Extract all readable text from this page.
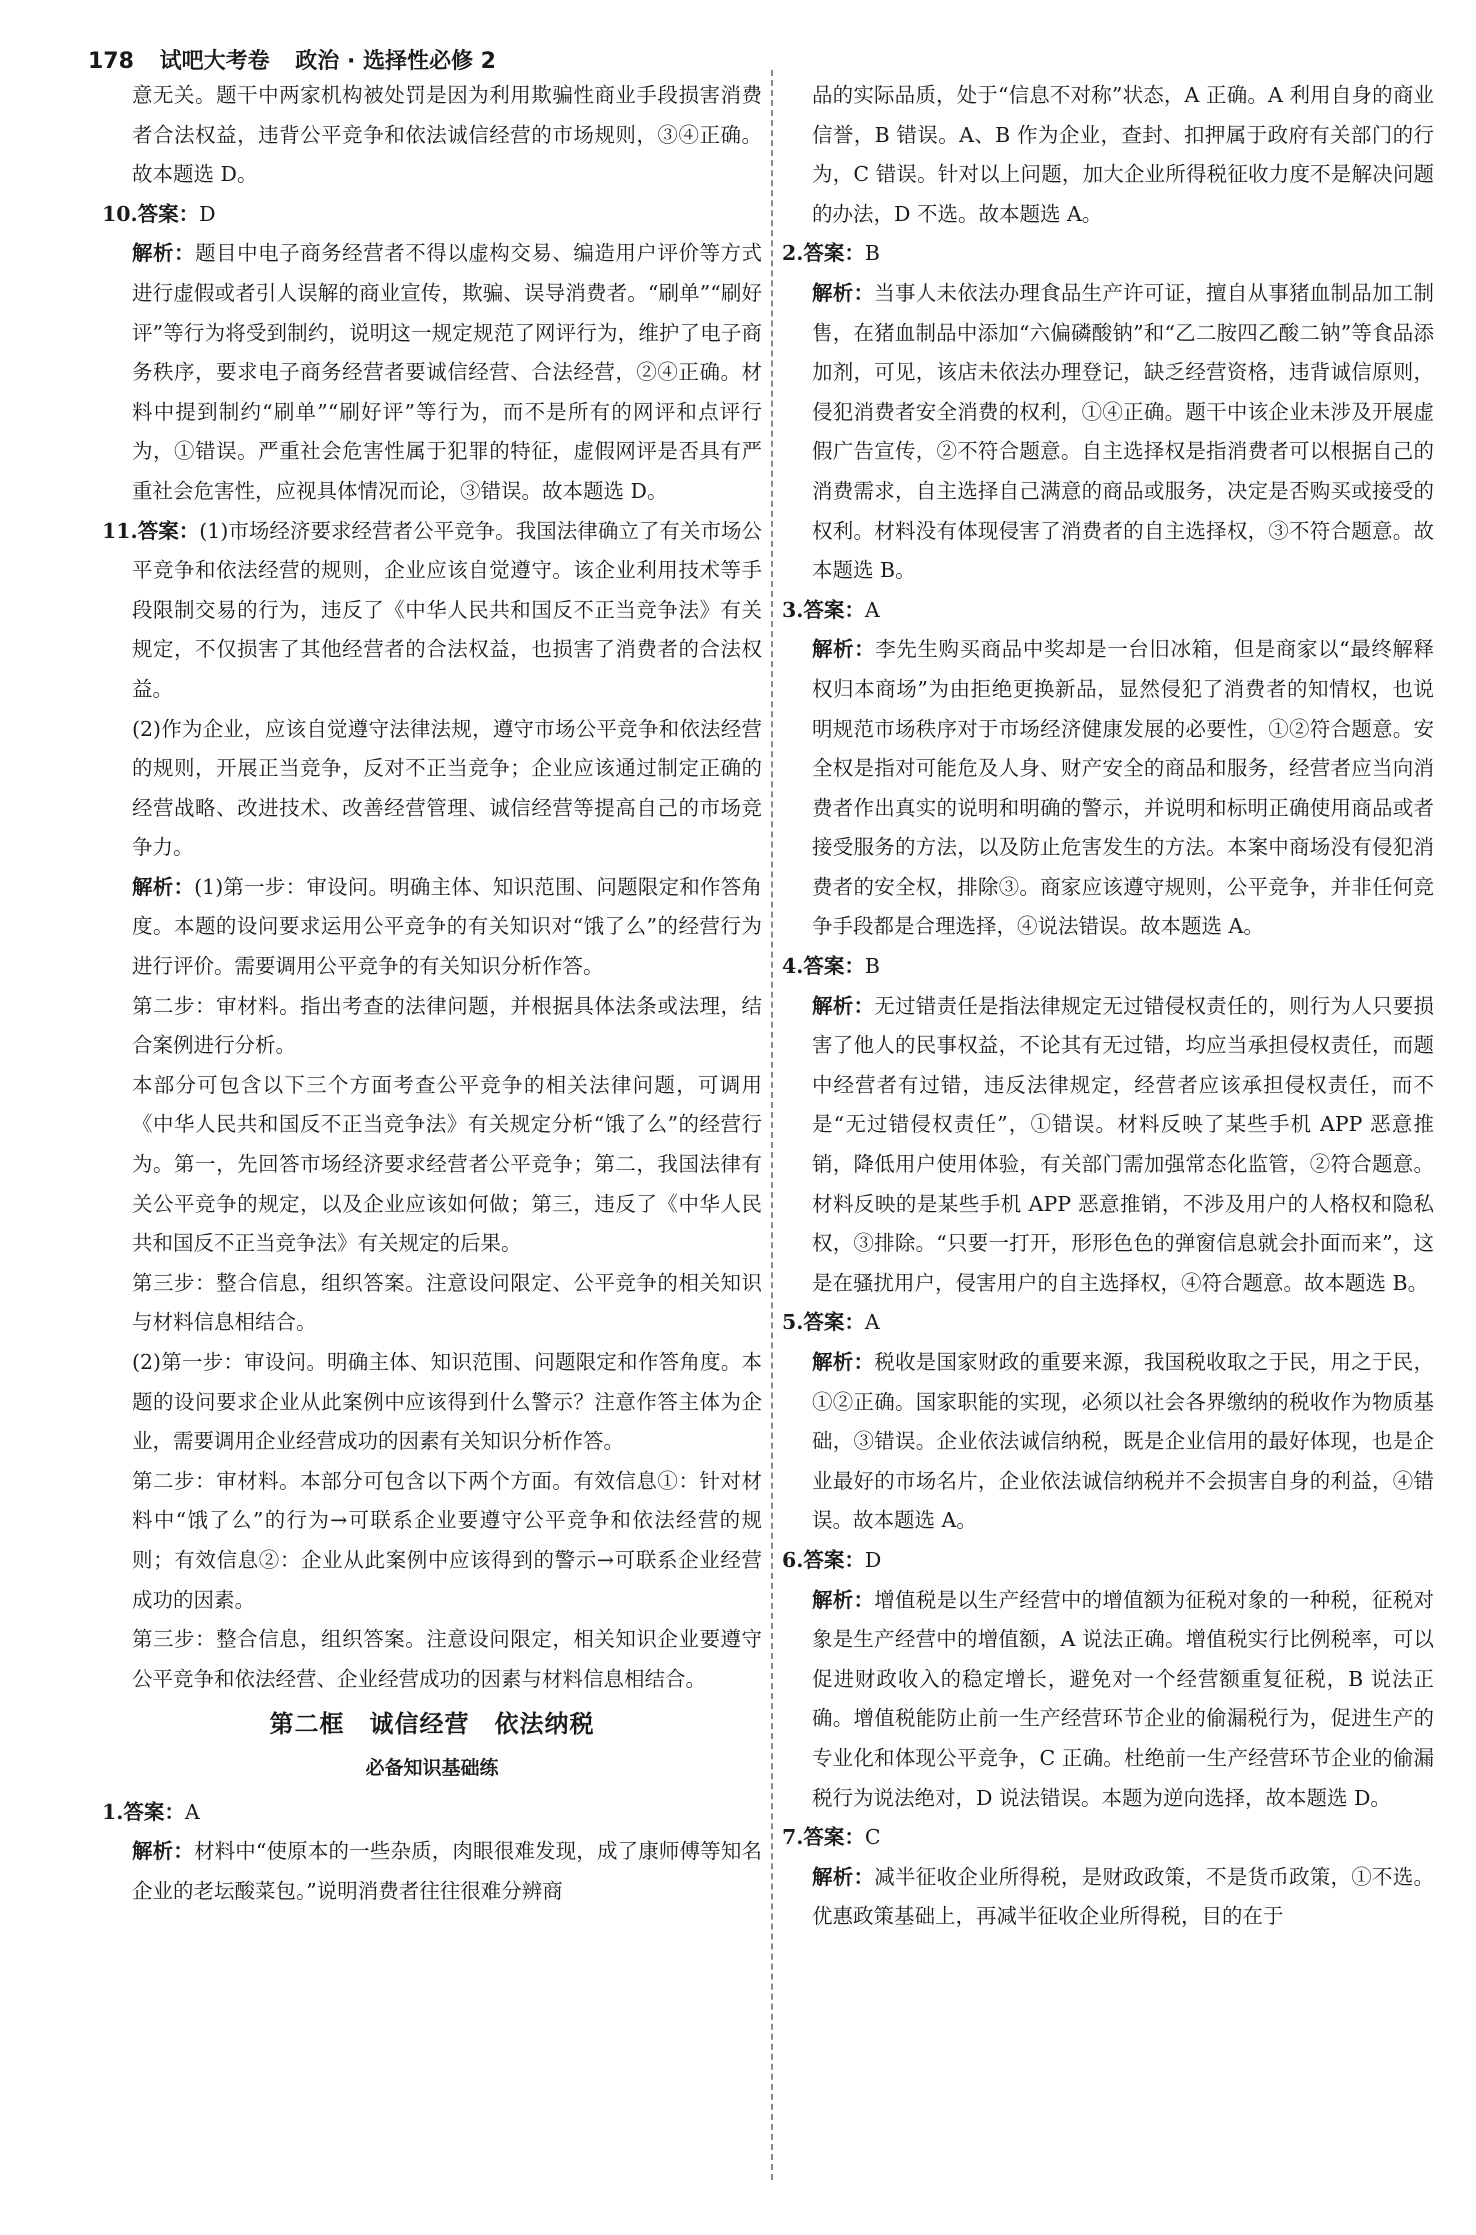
178 试吧大考卷 政治 · 选择性必修 2

意无关。题干中两家机构被处罚是因为利用欺骗性商业手段损害消费者合法权益，违背公平竞争和依法诚信经营的市场规则，③④正确。故本题选 D。

10.答案：D

解析：题目中电子商务经营者不得以虚构交易、编造用户评价等方式进行虚假或者引人误解的商业宣传，欺骗、误导消费者。“刷单”“刷好评”等行为将受到制约，说明这一规定规范了网评行为，维护了电子商务秩序，要求电子商务经营者要诚信经营、合法经营，②④正确。材料中提到制约“刷单”“刷好评”等行为，而不是所有的网评和点评行为，①错误。严重社会危害性属于犯罪的特征，虚假网评是否具有严重社会危害性，应视具体情况而论，③错误。故本题选 D。

11.答案：(1)市场经济要求经营者公平竞争。我国法律确立了有关市场公平竞争和依法经营的规则，企业应该自觉遵守。该企业利用技术等手段限制交易的行为，违反了《中华人民共和国反不正当竞争法》有关规定，不仅损害了其他经营者的合法权益，也损害了消费者的合法权益。

(2)作为企业，应该自觉遵守法律法规，遵守市场公平竞争和依法经营的规则，开展正当竞争，反对不正当竞争；企业应该通过制定正确的经营战略、改进技术、改善经营管理、诚信经营等提高自己的市场竞争力。

解析：(1)第一步：审设问。明确主体、知识范围、问题限定和作答角度。本题的设问要求运用公平竞争的有关知识对“饿了么”的经营行为进行评价。需要调用公平竞争的有关知识分析作答。

第二步：审材料。指出考查的法律问题，并根据具体法条或法理，结合案例进行分析。

本部分可包含以下三个方面考查公平竞争的相关法律问题，可调用《中华人民共和国反不正当竞争法》有关规定分析“饿了么”的经营行为。第一，先回答市场经济要求经营者公平竞争；第二，我国法律有关公平竞争的规定，以及企业应该如何做；第三，违反了《中华人民共和国反不正当竞争法》有关规定的后果。

第三步：整合信息，组织答案。注意设问限定、公平竞争的相关知识与材料信息相结合。

(2)第一步：审设问。明确主体、知识范围、问题限定和作答角度。本题的设问要求企业从此案例中应该得到什么警示？注意作答主体为企业，需要调用企业经营成功的因素有关知识分析作答。

第二步：审材料。本部分可包含以下两个方面。有效信息①：针对材料中“饿了么”的行为→可联系企业要遵守公平竞争和依法经营的规则；有效信息②：企业从此案例中应该得到的警示→可联系企业经营成功的因素。

第三步：整合信息，组织答案。注意设问限定，相关知识企业要遵守公平竞争和依法经营、企业经营成功的因素与材料信息相结合。

第二框　诚信经营　依法纳税
必备知识基础练

1.答案：A

解析：材料中“使原本的一些杂质，肉眼很难发现，成了康师傅等知名企业的老坛酸菜包。”说明消费者往往很难分辨商

品的实际品质，处于“信息不对称”状态，A 正确。A 利用自身的商业信誉，B 错误。A、B 作为企业，查封、扣押属于政府有关部门的行为，C 错误。针对以上问题，加大企业所得税征收力度不是解决问题的办法，D 不选。故本题选 A。

2.答案：B

解析：当事人未依法办理食品生产许可证，擅自从事猪血制品加工制售，在猪血制品中添加“六偏磷酸钠”和“乙二胺四乙酸二钠”等食品添加剂，可见，该店未依法办理登记，缺乏经营资格，违背诚信原则，侵犯消费者安全消费的权利，①④正确。题干中该企业未涉及开展虚假广告宣传，②不符合题意。自主选择权是指消费者可以根据自己的消费需求，自主选择自己满意的商品或服务，决定是否购买或接受的权利。材料没有体现侵害了消费者的自主选择权，③不符合题意。故本题选 B。

3.答案：A

解析：李先生购买商品中奖却是一台旧冰箱，但是商家以“最终解释权归本商场”为由拒绝更换新品，显然侵犯了消费者的知情权，也说明规范市场秩序对于市场经济健康发展的必要性，①②符合题意。安全权是指对可能危及人身、财产安全的商品和服务，经营者应当向消费者作出真实的说明和明确的警示，并说明和标明正确使用商品或者接受服务的方法，以及防止危害发生的方法。本案中商场没有侵犯消费者的安全权，排除③。商家应该遵守规则，公平竞争，并非任何竞争手段都是合理选择，④说法错误。故本题选 A。

4.答案：B

解析：无过错责任是指法律规定无过错侵权责任的，则行为人只要损害了他人的民事权益，不论其有无过错，均应当承担侵权责任，而题中经营者有过错，违反法律规定，经营者应该承担侵权责任，而不是“无过错侵权责任”，①错误。材料反映了某些手机 APP 恶意推销，降低用户使用体验，有关部门需加强常态化监管，②符合题意。材料反映的是某些手机 APP 恶意推销，不涉及用户的人格权和隐私权，③排除。“只要一打开，形形色色的弹窗信息就会扑面而来”，这是在骚扰用户，侵害用户的自主选择权，④符合题意。故本题选 B。

5.答案：A

解析：税收是国家财政的重要来源，我国税收取之于民，用之于民，①②正确。国家职能的实现，必须以社会各界缴纳的税收作为物质基础，③错误。企业依法诚信纳税，既是企业信用的最好体现，也是企业最好的市场名片，企业依法诚信纳税并不会损害自身的利益，④错误。故本题选 A。

6.答案：D

解析：增值税是以生产经营中的增值额为征税对象的一种税，征税对象是生产经营中的增值额，A 说法正确。增值税实行比例税率，可以促进财政收入的稳定增长，避免对一个经营额重复征税，B 说法正确。增值税能防止前一生产经营环节企业的偷漏税行为，促进生产的专业化和体现公平竞争，C 正确。杜绝前一生产经营环节企业的偷漏税行为说法绝对，D 说法错误。本题为逆向选择，故本题选 D。

7.答案：C

解析：减半征收企业所得税，是财政政策，不是货币政策，①不选。优惠政策基础上，再减半征收企业所得税，目的在于
